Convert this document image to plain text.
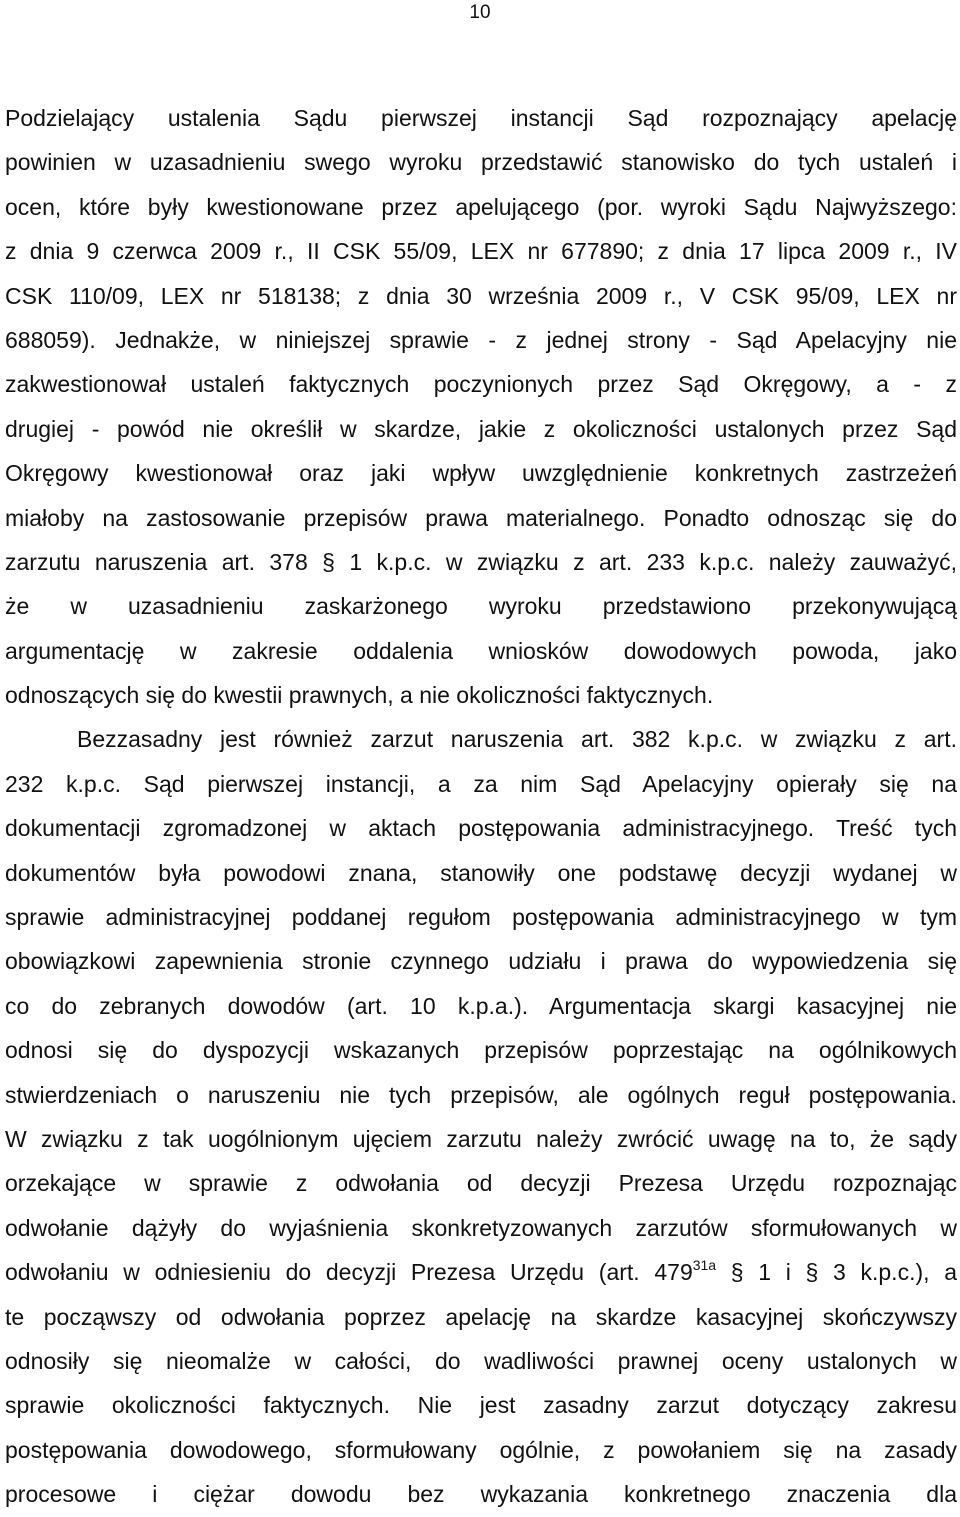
10
Podzielający ustalenia Sądu pierwszej instancji Sąd rozpoznający apelację
powinien w uzasadnieniu swego wyroku przedstawić stanowisko do tych ustaleń i
ocen, które były kwestionowane przez apelującego (por. wyroki Sądu Najwyższego:
z dnia 9 czerwca 2009 r., II CSK 55/09, LEX nr 677890; z dnia 17 lipca 2009 r., IV
CSK 110/09, LEX nr 518138; z dnia 30 września 2009 r., V CSK 95/09, LEX nr
688059). Jednakże, w niniejszej sprawie - z jednej strony - Sąd Apelacyjny nie
zakwestionował ustaleń faktycznych poczynionych przez Sąd Okręgowy, a - z
drugiej - powód nie określił w skardze, jakie z okoliczności ustalonych przez Sąd
Okręgowy kwestionował oraz jaki wpływ uwzględnienie konkretnych zastrzeżeń
miałoby na zastosowanie przepisów prawa materialnego. Ponadto odnosząc się do
zarzutu naruszenia art. 378 § 1 k.p.c. w związku z art. 233 k.p.c. należy zauważyć,
że w uzasadnieniu zaskarżonego wyroku przedstawiono przekonywującą
argumentację w zakresie oddalenia wniosków dowodowych powoda, jako
odnoszących się do kwestii prawnych, a nie okoliczności faktycznych.
Bezzasadny jest również zarzut naruszenia art. 382 k.p.c. w związku z art.
232 k.p.c. Sąd pierwszej instancji, a za nim Sąd Apelacyjny opierały się na
dokumentacji zgromadzonej w aktach postępowania administracyjnego. Treść tych
dokumentów była powodowi znana, stanowiły one podstawę decyzji wydanej w
sprawie administracyjnej poddanej regułom postępowania administracyjnego w tym
obowiązkowi zapewnienia stronie czynnego udziału i prawa do wypowiedzenia się
co do zebranych dowodów (art. 10 k.p.a.). Argumentacja skargi kasacyjnej nie
odnosi się do dyspozycji wskazanych przepisów poprzestając na ogólnikowych
stwierdzeniach o naruszeniu nie tych przepisów, ale ogólnych reguł postępowania.
W związku z tak uogólnionym ujęciem zarzutu należy zwrócić uwagę na to, że sądy
orzekające w sprawie z odwołania od decyzji Prezesa Urzędu rozpoznając
odwołanie dążyły do wyjaśnienia skonkretyzowanych zarzutów sformułowanych w
odwołaniu w odniesieniu do decyzji Prezesa Urzędu (art. $479^{31a}$ § 1 i § 3 k.p.c.), a
te począwszy od odwołania poprzez apelację na skardze kasacyjnej skończywszy
odnosiły się nieomalże w całości, do wadliwości prawnej oceny ustalonych w
sprawie okoliczności faktycznych. Nie jest zasadny zarzut dotyczący zakresu
postępowania dowodowego, sformułowany ogólnie, z powołaniem się na zasady
procesowe i ciężar dowodu bez wykazania konkretnego znaczenia dla
